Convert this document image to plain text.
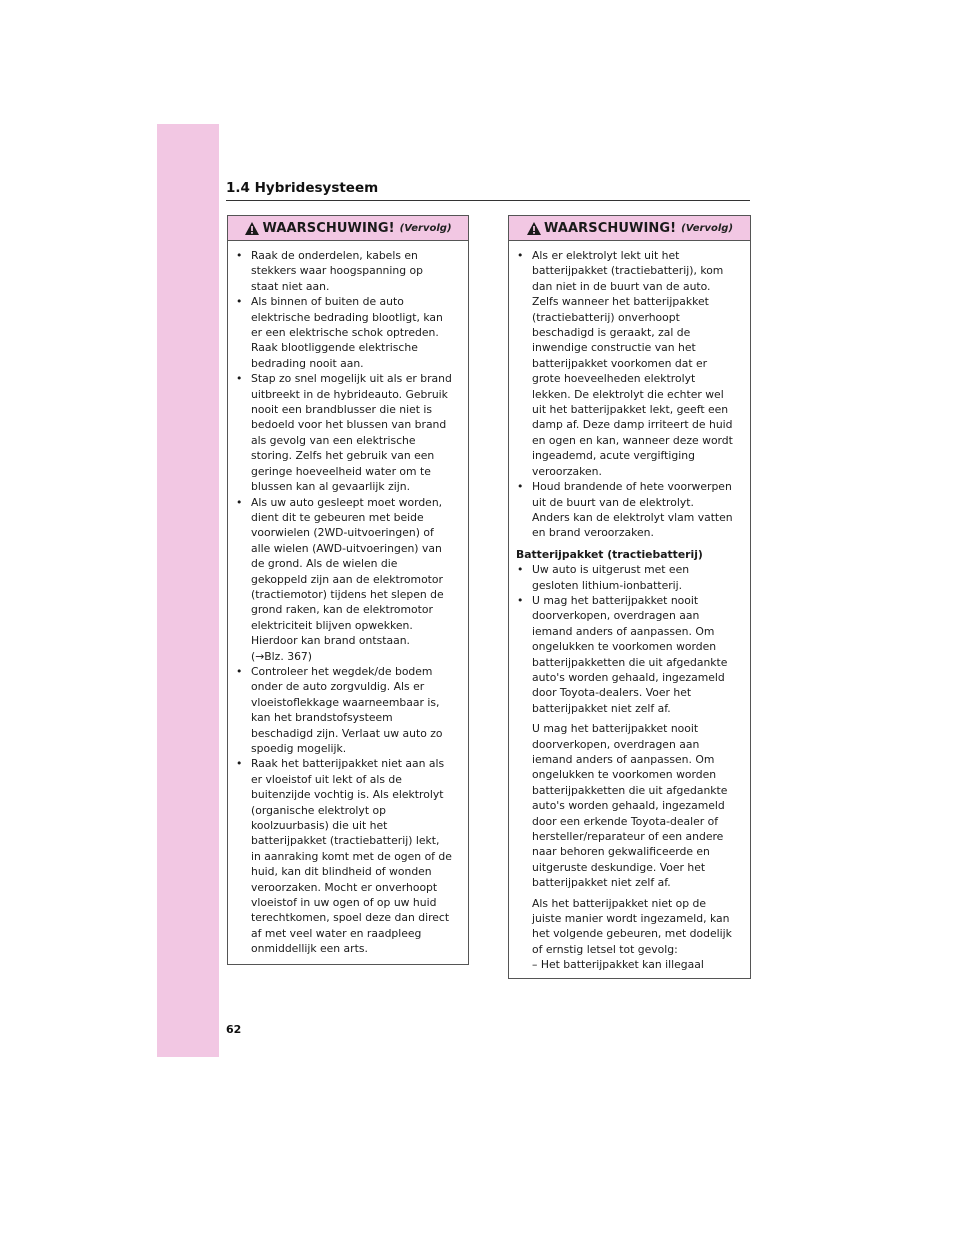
1.4 Hybridesysteem
WAARSCHUWING! (Vervolg)
• Raak de onderdelen, kabels en
stekkers waar hoogspanning op
staat niet aan.
• Als binnen of buiten de auto
elektrische bedrading blootligt, kan
er een elektrische schok optreden.
Raak blootliggende elektrische
bedrading nooit aan.
• Stap zo snel mogelijk uit als er brand
uitbreekt in de hybrideauto. Gebruik
nooit een brandblusser die niet is
bedoeld voor het blussen van brand
als gevolg van een elektrische
storing. Zelfs het gebruik van een
geringe hoeveelheid water om te
blussen kan al gevaarlijk zijn.
• Als uw auto gesleept moet worden,
dient dit te gebeuren met beide
voorwielen (2WD-uitvoeringen) of
alle wielen (AWD-uitvoeringen) van
de grond. Als de wielen die
gekoppeld zijn aan de elektromotor
(tractiemotor) tijdens het slepen de
grond raken, kan de elektromotor
elektriciteit blijven opwekken.
Hierdoor kan brand ontstaan.
(→Blz. 367)
• Controleer het wegdek/de bodem
onder de auto zorgvuldig. Als er
vloeistoflekkage waarneembaar is,
kan het brandstofsysteem
beschadigd zijn. Verlaat uw auto zo
spoedig mogelijk.
• Raak het batterijpakket niet aan als
er vloeistof uit lekt of als de
buitenzijde vochtig is. Als elektrolyt
(organische elektrolyt op
koolzuurbasis) die uit het
batterijpakket (tractiebatterij) lekt,
in aanraking komt met de ogen of de
huid, kan dit blindheid of wonden
veroorzaken. Mocht er onverhoopt
vloeistof in uw ogen of op uw huid
terechtkomen, spoel deze dan direct
af met veel water en raadpleeg
onmiddellijk een arts.
WAARSCHUWING! (Vervolg)
• Als er elektrolyt lekt uit het
batterijpakket (tractiebatterij), kom
dan niet in de buurt van de auto.
Zelfs wanneer het batterijpakket
(tractiebatterij) onverhoopt
beschadigd is geraakt, zal de
inwendige constructie van het
batterijpakket voorkomen dat er
grote hoeveelheden elektrolyt
lekken. De elektrolyt die echter wel
uit het batterijpakket lekt, geeft een
damp af. Deze damp irriteert de huid
en ogen en kan, wanneer deze wordt
ingeademd, acute vergiftiging
veroorzaken.
• Houd brandende of hete voorwerpen
uit de buurt van de elektrolyt.
Anders kan de elektrolyt vlam vatten
en brand veroorzaken.
Batterijpakket (tractiebatterij)
• Uw auto is uitgerust met een
gesloten lithium-ionbatterij.
• U mag het batterijpakket nooit
doorverkopen, overdragen aan
iemand anders of aanpassen. Om
ongelukken te voorkomen worden
batterijpakketten die uit afgedankte
auto's worden gehaald, ingezameld
door Toyota-dealers. Voer het
batterijpakket niet zelf af.
U mag het batterijpakket nooit
doorverkopen, overdragen aan
iemand anders of aanpassen. Om
ongelukken te voorkomen worden
batterijpakketten die uit afgedankte
auto's worden gehaald, ingezameld
door een erkende Toyota-dealer of
hersteller/reparateur of een andere
naar behoren gekwalificeerde en
uitgeruste deskundige. Voer het
batterijpakket niet zelf af.
Als het batterijpakket niet op de
juiste manier wordt ingezameld, kan
het volgende gebeuren, met dodelijk
of ernstig letsel tot gevolg:
– Het batterijpakket kan illegaal
62
